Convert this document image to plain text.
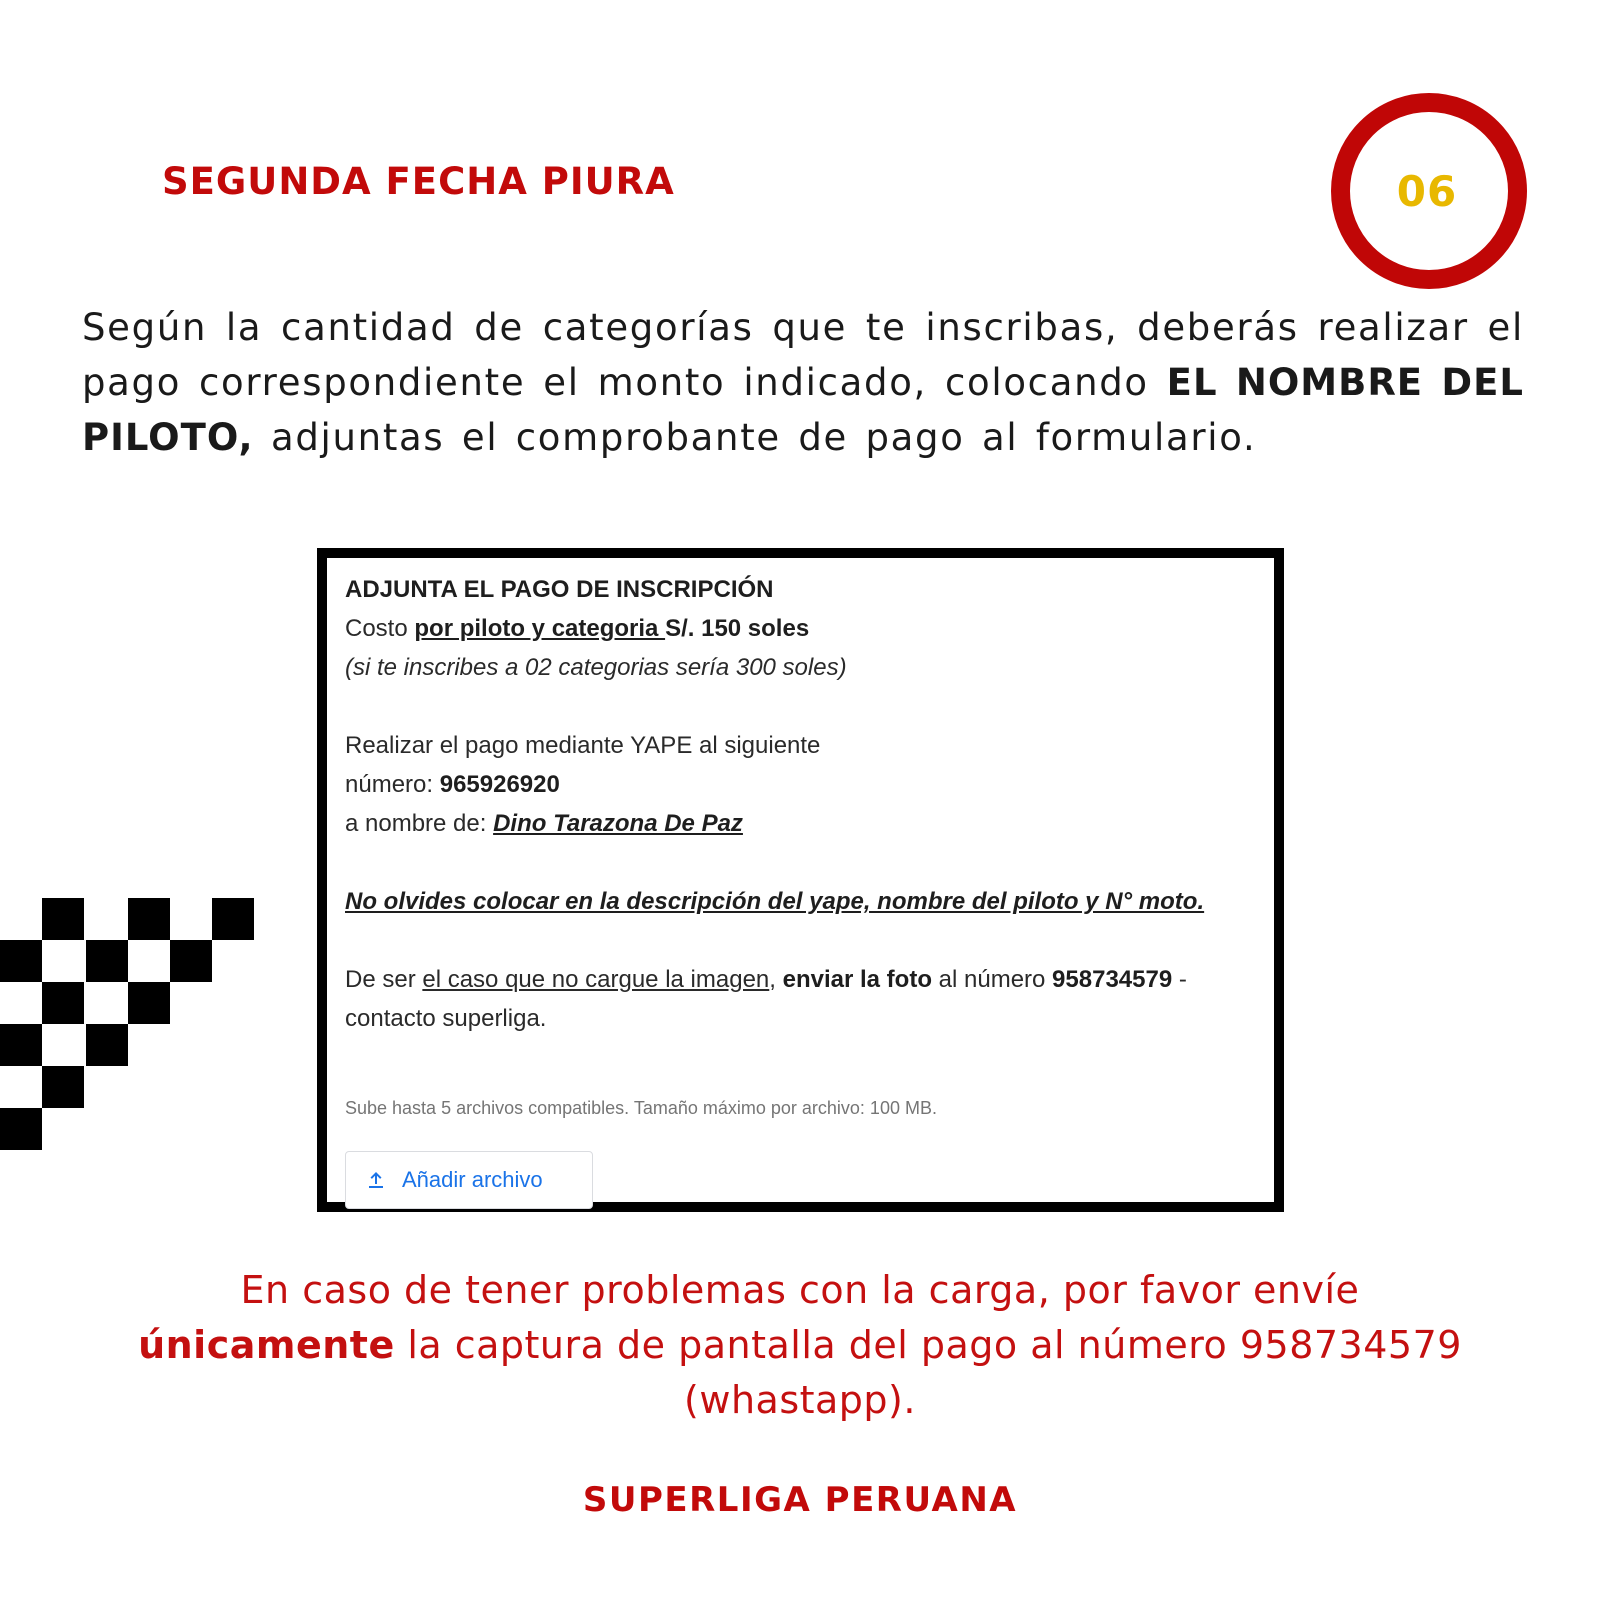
SEGUNDA FECHA PIURA	06
Según la cantidad de categorías que te inscribas, deberás realizar el pago correspondiente el monto indicado, colocando EL NOMBRE DEL PILOTO, adjuntas el comprobante de pago al formulario.
ADJUNTA EL PAGO DE INSCRIPCIÓN
Costo por piloto y categoria S/. 150 soles
(si te inscribes a 02 categorias sería 300 soles)
Realizar el pago mediante YAPE al siguiente
número: 965926920
a nombre de: Dino Tarazona De Paz
No olvides colocar en la descripción del yape, nombre del piloto y N° moto.
De ser el caso que no cargue la imagen, enviar la foto al número 958734579 -
contacto superliga.
Sube hasta 5 archivos compatibles. Tamaño máximo por archivo: 100 MB.
Añadir archivo
En caso de tener problemas con la carga, por favor envíe
únicamente la captura de pantalla del pago al número 958734579
(whastapp).
SUPERLIGA PERUANA
